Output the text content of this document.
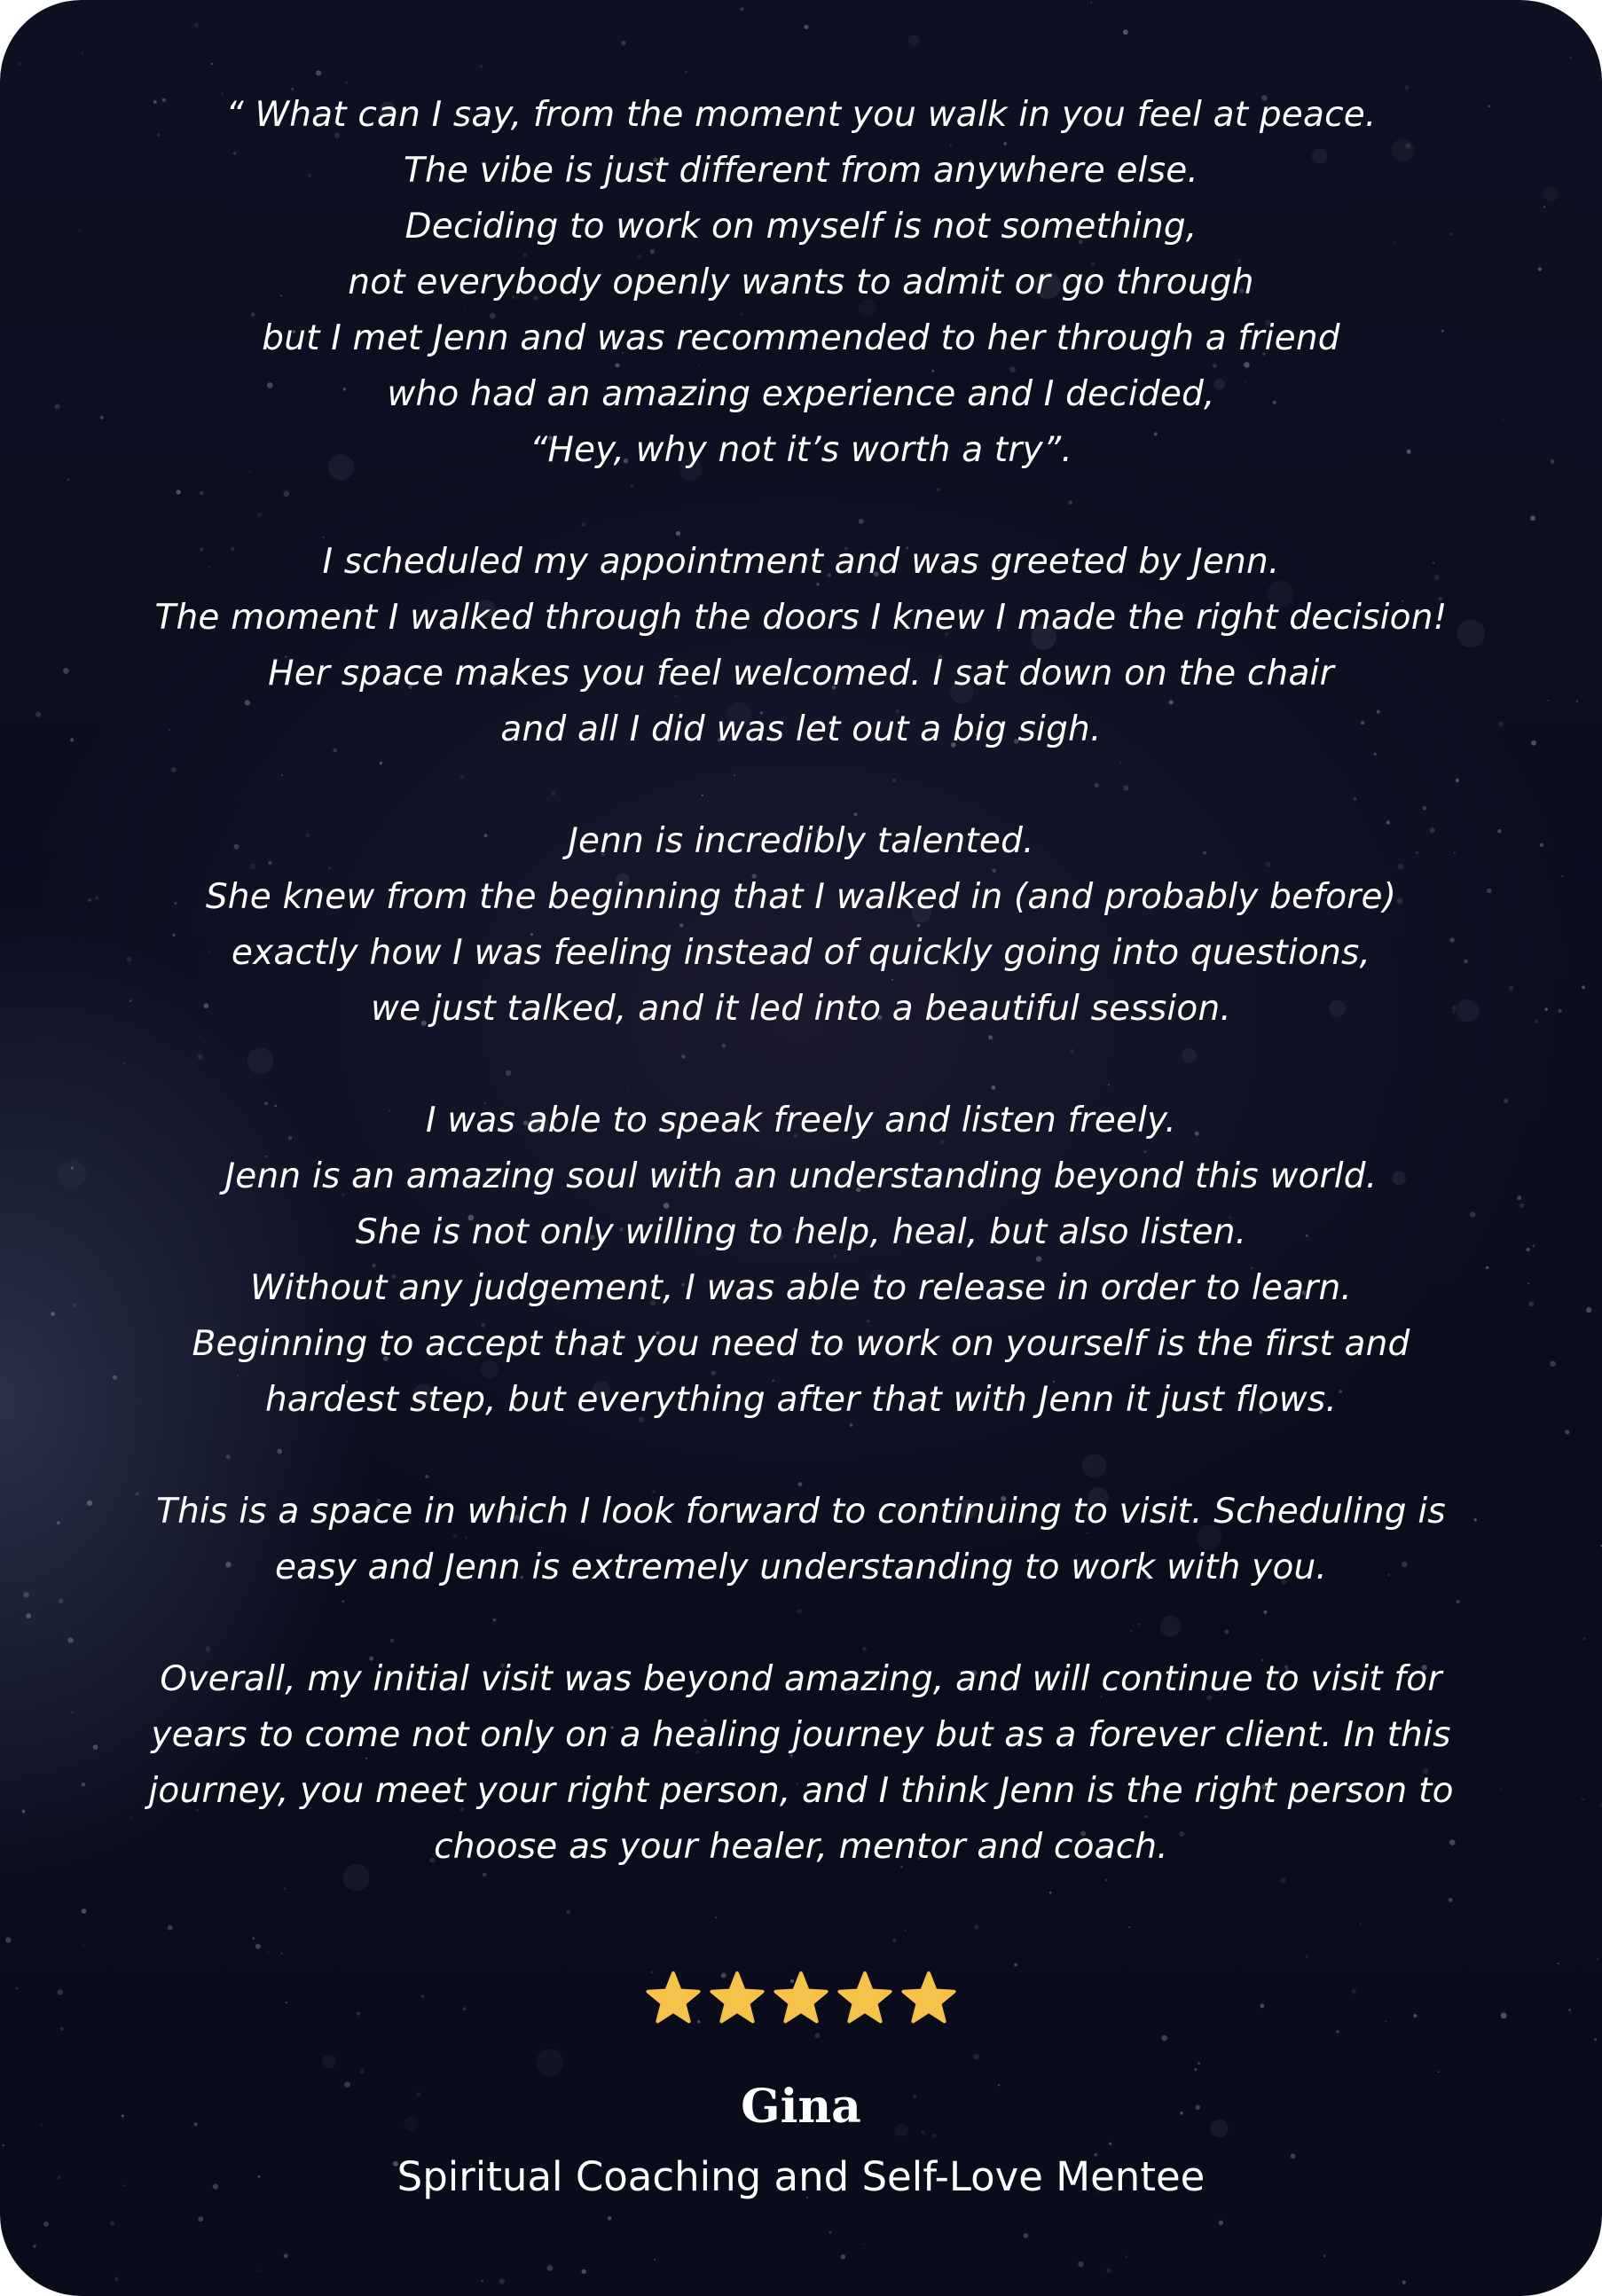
“ What can I say, from the moment you walk in you feel at peace.
The vibe is just different from anywhere else.
Deciding to work on myself is not something,
not everybody openly wants to admit or go through
but I met Jenn and was recommended to her through a friend
who had an amazing experience and I decided,
“Hey, why not it’s worth a try”.
I scheduled my appointment and was greeted by Jenn.
The moment I walked through the doors I knew I made the right decision!
Her space makes you feel welcomed. I sat down on the chair
and all I did was let out a big sigh.
Jenn is incredibly talented.
She knew from the beginning that I walked in (and probably before)
exactly how I was feeling instead of quickly going into questions,
we just talked, and it led into a beautiful session.
I was able to speak freely and listen freely.
Jenn is an amazing soul with an understanding beyond this world.
She is not only willing to help, heal, but also listen.
Without any judgement, I was able to release in order to learn.
Beginning to accept that you need to work on yourself is the first and
hardest step, but everything after that with Jenn it just flows.
This is a space in which I look forward to continuing to visit. Scheduling is
easy and Jenn is extremely understanding to work with you.
Overall, my initial visit was beyond amazing, and will continue to visit for
years to come not only on a healing journey but as a forever client. In this
journey, you meet your right person, and I think Jenn is the right person to
choose as your healer, mentor and coach.
Gina
Spiritual Coaching and Self-Love Mentee
